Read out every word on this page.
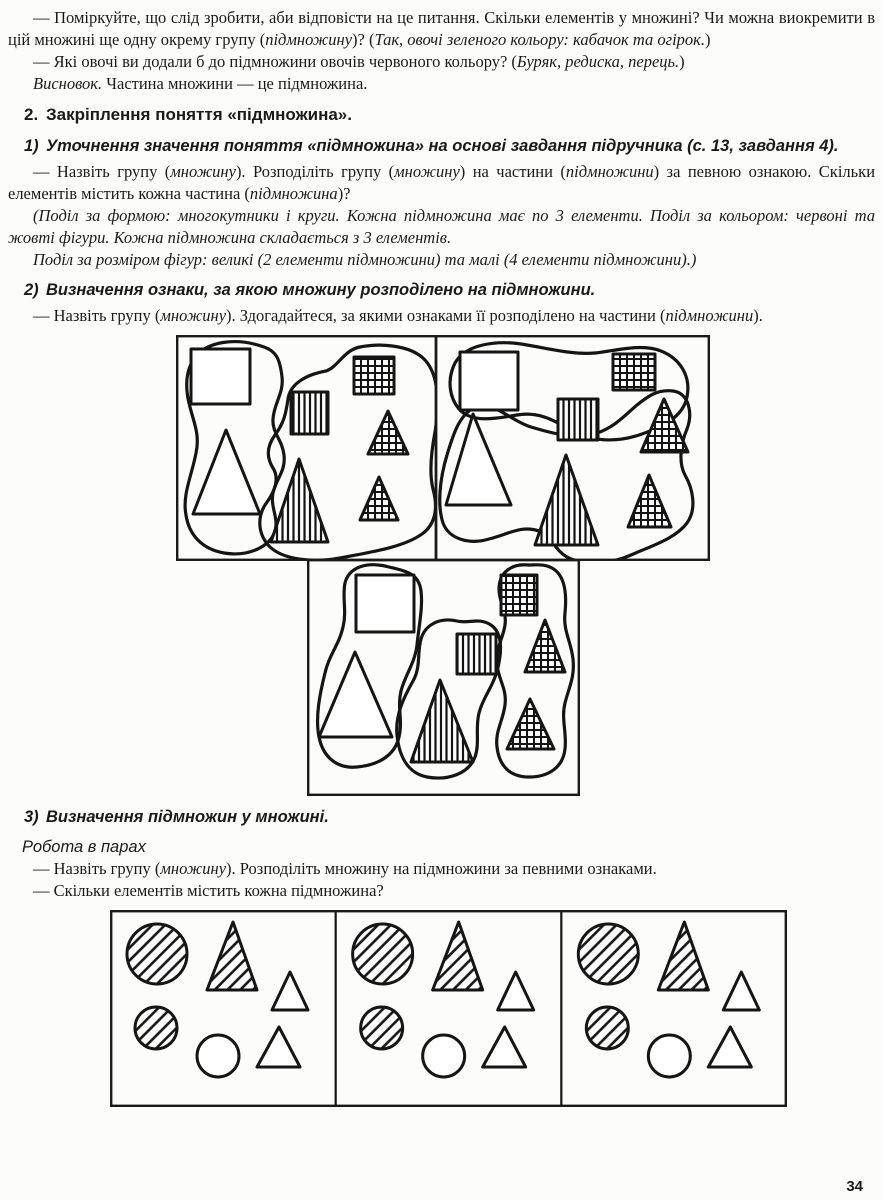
— Поміркуйте, що слід зробити, аби відповісти на це питання. Скільки елементів у множині? Чи можна виокремити в цій множині ще одну окрему групу (підмножину)? (Так, овочі зеленого кольору: кабачок та огірок.)

— Які овочі ви додали б до підмножини овочів червоного кольору? (Буряк, редиска, перець.)

Висновок. Частина множини — це підмножина.

2. Закріплення поняття «підмножина».
1) Уточнення значення поняття «підмножина» на основі завдання підручника (с. 13, завдання 4).

— Назвіть групу (множину). Розподіліть групу (множину) на частини (підмножини) за певною ознакою. Скільки елементів містить кожна частина (підмножина)?

(Поділ за формою: многокутники і круги. Кожна підмножина має по 3 елементи. Поділ за кольором: червоні та жовті фігури. Кожна підмножина складається з 3 елементів.

Поділ за розміром фігур: великі (2 елементи підмножини) та малі (4 елементи підмножини).)

2) Визначення ознаки, за якою множину розподілено на підмножини.

— Назвіть групу (множину). Здогадайтеся, за якими ознаками її розподілено на частини (підмножини).

3) Визначення підмножин у множині.

Робота в парах

— Назвіть групу (множину). Розподіліть множину на підмножини за певними ознаками.

— Скільки елементів містить кожна підмножина?

34
